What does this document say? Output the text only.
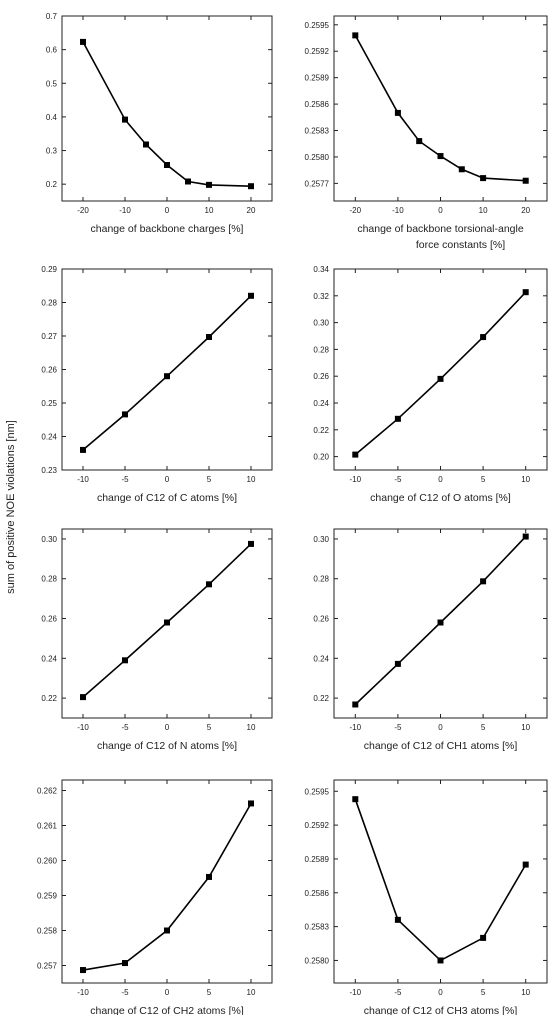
sum of positive NOE violations [nm]
-20	-10	0	10	20
0.2
0.3
0.4
0.5
0.6
0.7
change of backbone charges [%]
-20	-10	0	10	20
0.2577
0.2580
0.2583
0.2586
0.2589
0.2592
0.2595
change of backbone torsional-angle
force constants [%]
-10	-5	0	5	10
0.23
0.24
0.25
0.26
0.27
0.28
0.29
change of C12 of C atoms [%]
-10	-5	0	5	10
0.20
0.22
0.24
0.26
0.28
0.30
0.32
0.34
change of C12 of O atoms [%]
-10	-5	0	5	10
0.22
0.24
0.26
0.28
0.30
change of C12 of N atoms [%]
-10	-5	0	5	10
0.22
0.24
0.26
0.28
0.30
change of C12 of CH1 atoms [%]
-10	-5	0	5	10
0.257
0.258
0.259
0.260
0.261
0.262
change of C12 of CH2 atoms [%]
-10	-5	0	5	10
0.2580
0.2583
0.2586
0.2589
0.2592
0.2595
change of C12 of CH3 atoms [%]
